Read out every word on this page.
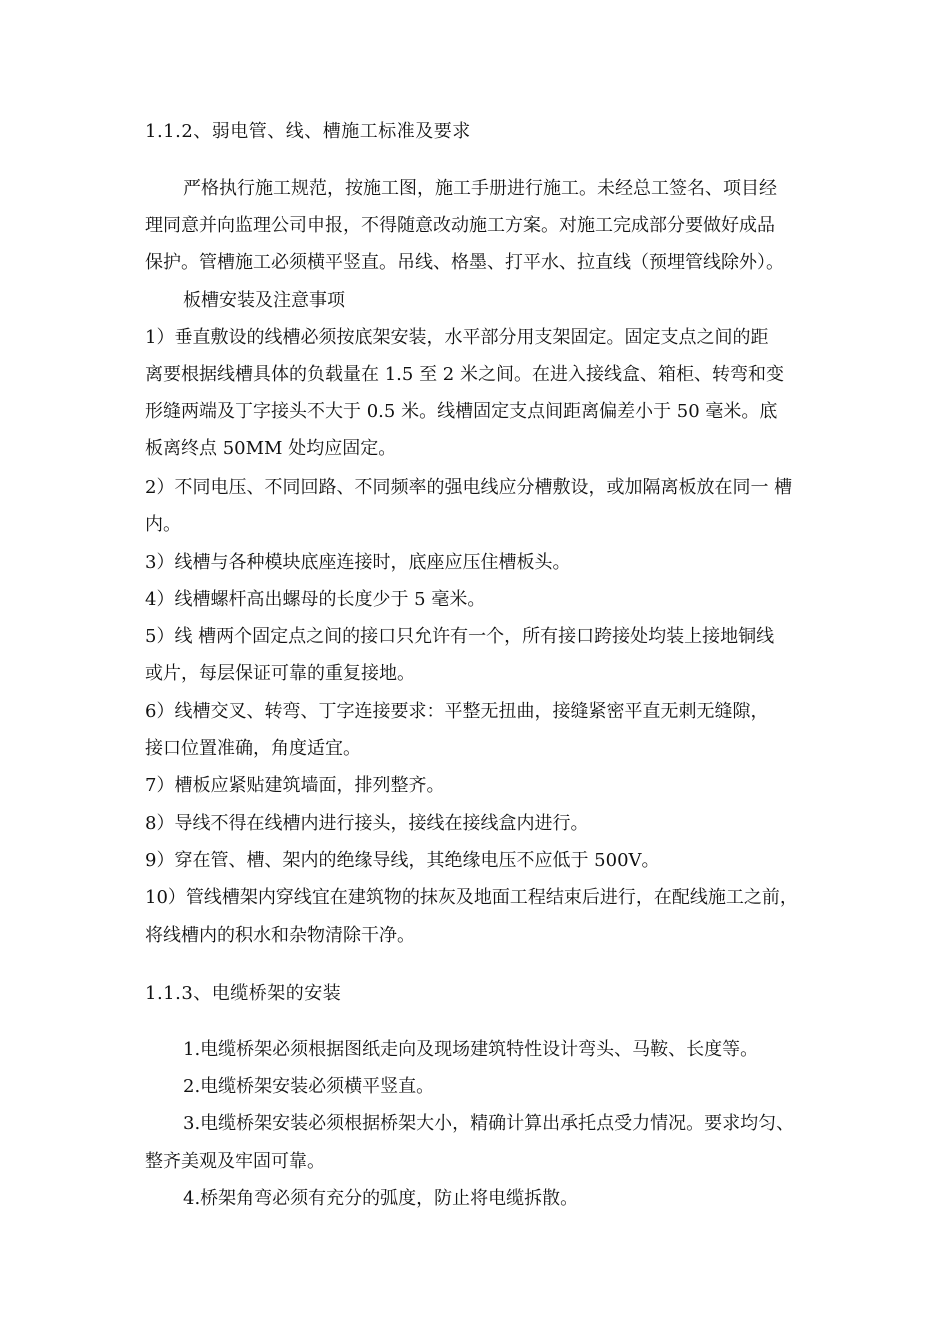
1.1.2、弱电管、线、槽施工标准及要求
严格执行施工规范，按施工图，施工手册进行施工。未经总工签名、项目经
理同意并向监理公司申报，不得随意改动施工方案。对施工完成部分要做好成品
保护。管槽施工必须横平竖直。吊线、格墨、打平水、拉直线（预埋管线除外）。
板槽安装及注意事项
1）垂直敷设的线槽必须按底架安装，水平部分用支架固定。固定支点之间的距
离要根据线槽具体的负载量在 1.5 至 2 米之间。在进入接线盒、箱柜、转弯和变
形缝两端及丁字接头不大于 0.5 米。线槽固定支点间距离偏差小于 50 毫米。底
板离终点 50MM 处均应固定。
2）不同电压、不同回路、不同频率的强电线应分槽敷设，或加隔离板放在同一 槽
内。
3）线槽与各种模块底座连接时，底座应压住槽板头。
4）线槽螺杆高出螺母的长度少于 5 毫米。
5）线 槽两个固定点之间的接口只允许有一个，所有接口跨接处均装上接地铜线
或片，每层保证可靠的重复接地。
6）线槽交叉、转弯、丁字连接要求：平整无扭曲，接缝紧密平直无刺无缝隙，
接口位置准确，角度适宜。
7）槽板应紧贴建筑墙面，排列整齐。
8）导线不得在线槽内进行接头，接线在接线盒内进行。
9）穿在管、槽、架内的绝缘导线，其绝缘电压不应低于 500V。
10）管线槽架内穿线宜在建筑物的抹灰及地面工程结束后进行，在配线施工之前，
将线槽内的积水和杂物清除干净。
1.1.3、电缆桥架的安装
1.电缆桥架必须根据图纸走向及现场建筑特性设计弯头、马鞍、长度等。
2.电缆桥架安装必须横平竖直。
3.电缆桥架安装必须根据桥架大小，精确计算出承托点受力情况。要求均匀、
整齐美观及牢固可靠。
4.桥架角弯必须有充分的弧度，防止将电缆拆散。
